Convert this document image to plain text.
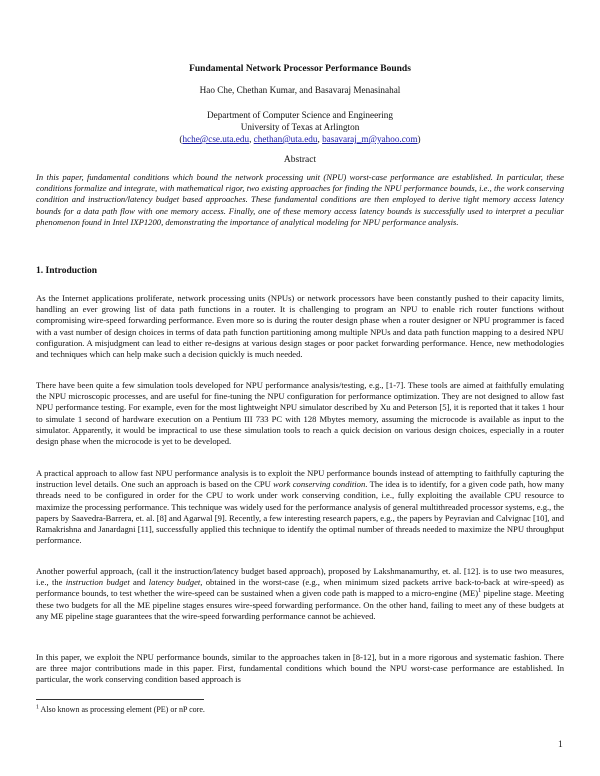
Fundamental Network Processor Performance Bounds
Hao Che, Chethan Kumar, and Basavaraj Menasinahal
Department of Computer Science and Engineering
University of Texas at Arlington
(hche@cse.uta.edu, chethan@uta.edu, basavaraj_m@yahoo.com)
Abstract
In this paper, fundamental conditions which bound the network processing unit (NPU) worst-case performance are established. In particular, these conditions formalize and integrate, with mathematical rigor, two existing approaches for finding the NPU performance bounds, i.e., the work conserving condition and instruction/latency budget based approaches. These fundamental conditions are then employed to derive tight memory access latency bounds for a data path flow with one memory access. Finally, one of these memory access latency bounds is successfully used to interpret a peculiar phenomenon found in Intel IXP1200, demonstrating the importance of analytical modeling for NPU performance analysis.
1. Introduction
As the Internet applications proliferate, network processing units (NPUs) or network processors have been constantly pushed to their capacity limits, handling an ever growing list of data path functions in a router. It is challenging to program an NPU to enable rich router functions without compromising wire-speed forwarding performance. Even more so is during the router design phase when a router designer or NPU programmer is faced with a vast number of design choices in terms of data path function partitioning among multiple NPUs and data path function mapping to a desired NPU configuration. A misjudgment can lead to either re-designs at various design stages or poor packet forwarding performance. Hence, new methodologies and techniques which can help make such a decision quickly is much needed.
There have been quite a few simulation tools developed for NPU performance analysis/testing, e.g., [1-7]. These tools are aimed at faithfully emulating the NPU microscopic processes, and are useful for fine-tuning the NPU configuration for performance optimization. They are not designed to allow fast NPU performance testing. For example, even for the most lightweight NPU simulator described by Xu and Peterson [5], it is reported that it takes 1 hour to simulate 1 second of hardware execution on a Pentium III 733 PC with 128 Mbytes memory, assuming the microcode is available as input to the simulator. Apparently, it would be impractical to use these simulation tools to reach a quick decision on various design choices, especially in a router design phase when the microcode is yet to be developed.
A practical approach to allow fast NPU performance analysis is to exploit the NPU performance bounds instead of attempting to faithfully capturing the instruction level details. One such an approach is based on the CPU work conserving condition. The idea is to identify, for a given code path, how many threads need to be configured in order for the CPU to work under work conserving condition, i.e., fully exploiting the available CPU resource to maximize the processing performance. This technique was widely used for the performance analysis of general multithreaded processor systems, e.g., the papers by Saavedra-Barrera, et. al. [8] and Agarwal [9]. Recently, a few interesting research papers, e.g., the papers by Peyravian and Calvignac [10], and Ramakrishna and Janardagni [11], successfully applied this technique to identify the optimal number of threads needed to maximize the NPU throughput performance.
Another powerful approach, (call it the instruction/latency budget based approach), proposed by Lakshmanamurthy, et. al. [12]. is to use two measures, i.e., the instruction budget and latency budget, obtained in the worst-case (e.g., when minimum sized packets arrive back-to-back at wire-speed) as performance bounds, to test whether the wire-speed can be sustained when a given code path is mapped to a micro-engine (ME)$^1$ pipeline stage. Meeting these two budgets for all the ME pipeline stages ensures wire-speed forwarding performance. On the other hand, failing to meet any of these budgets at any ME pipeline stage guarantees that the wire-speed forwarding performance cannot be achieved.
In this paper, we exploit the NPU performance bounds, similar to the approaches taken in [8-12], but in a more rigorous and systematic fashion. There are three major contributions made in this paper. First, fundamental conditions which bound the NPU worst-case performance are established. In particular, the work conserving condition based approach is
$^1$ Also known as processing element (PE) or nP core.
1
